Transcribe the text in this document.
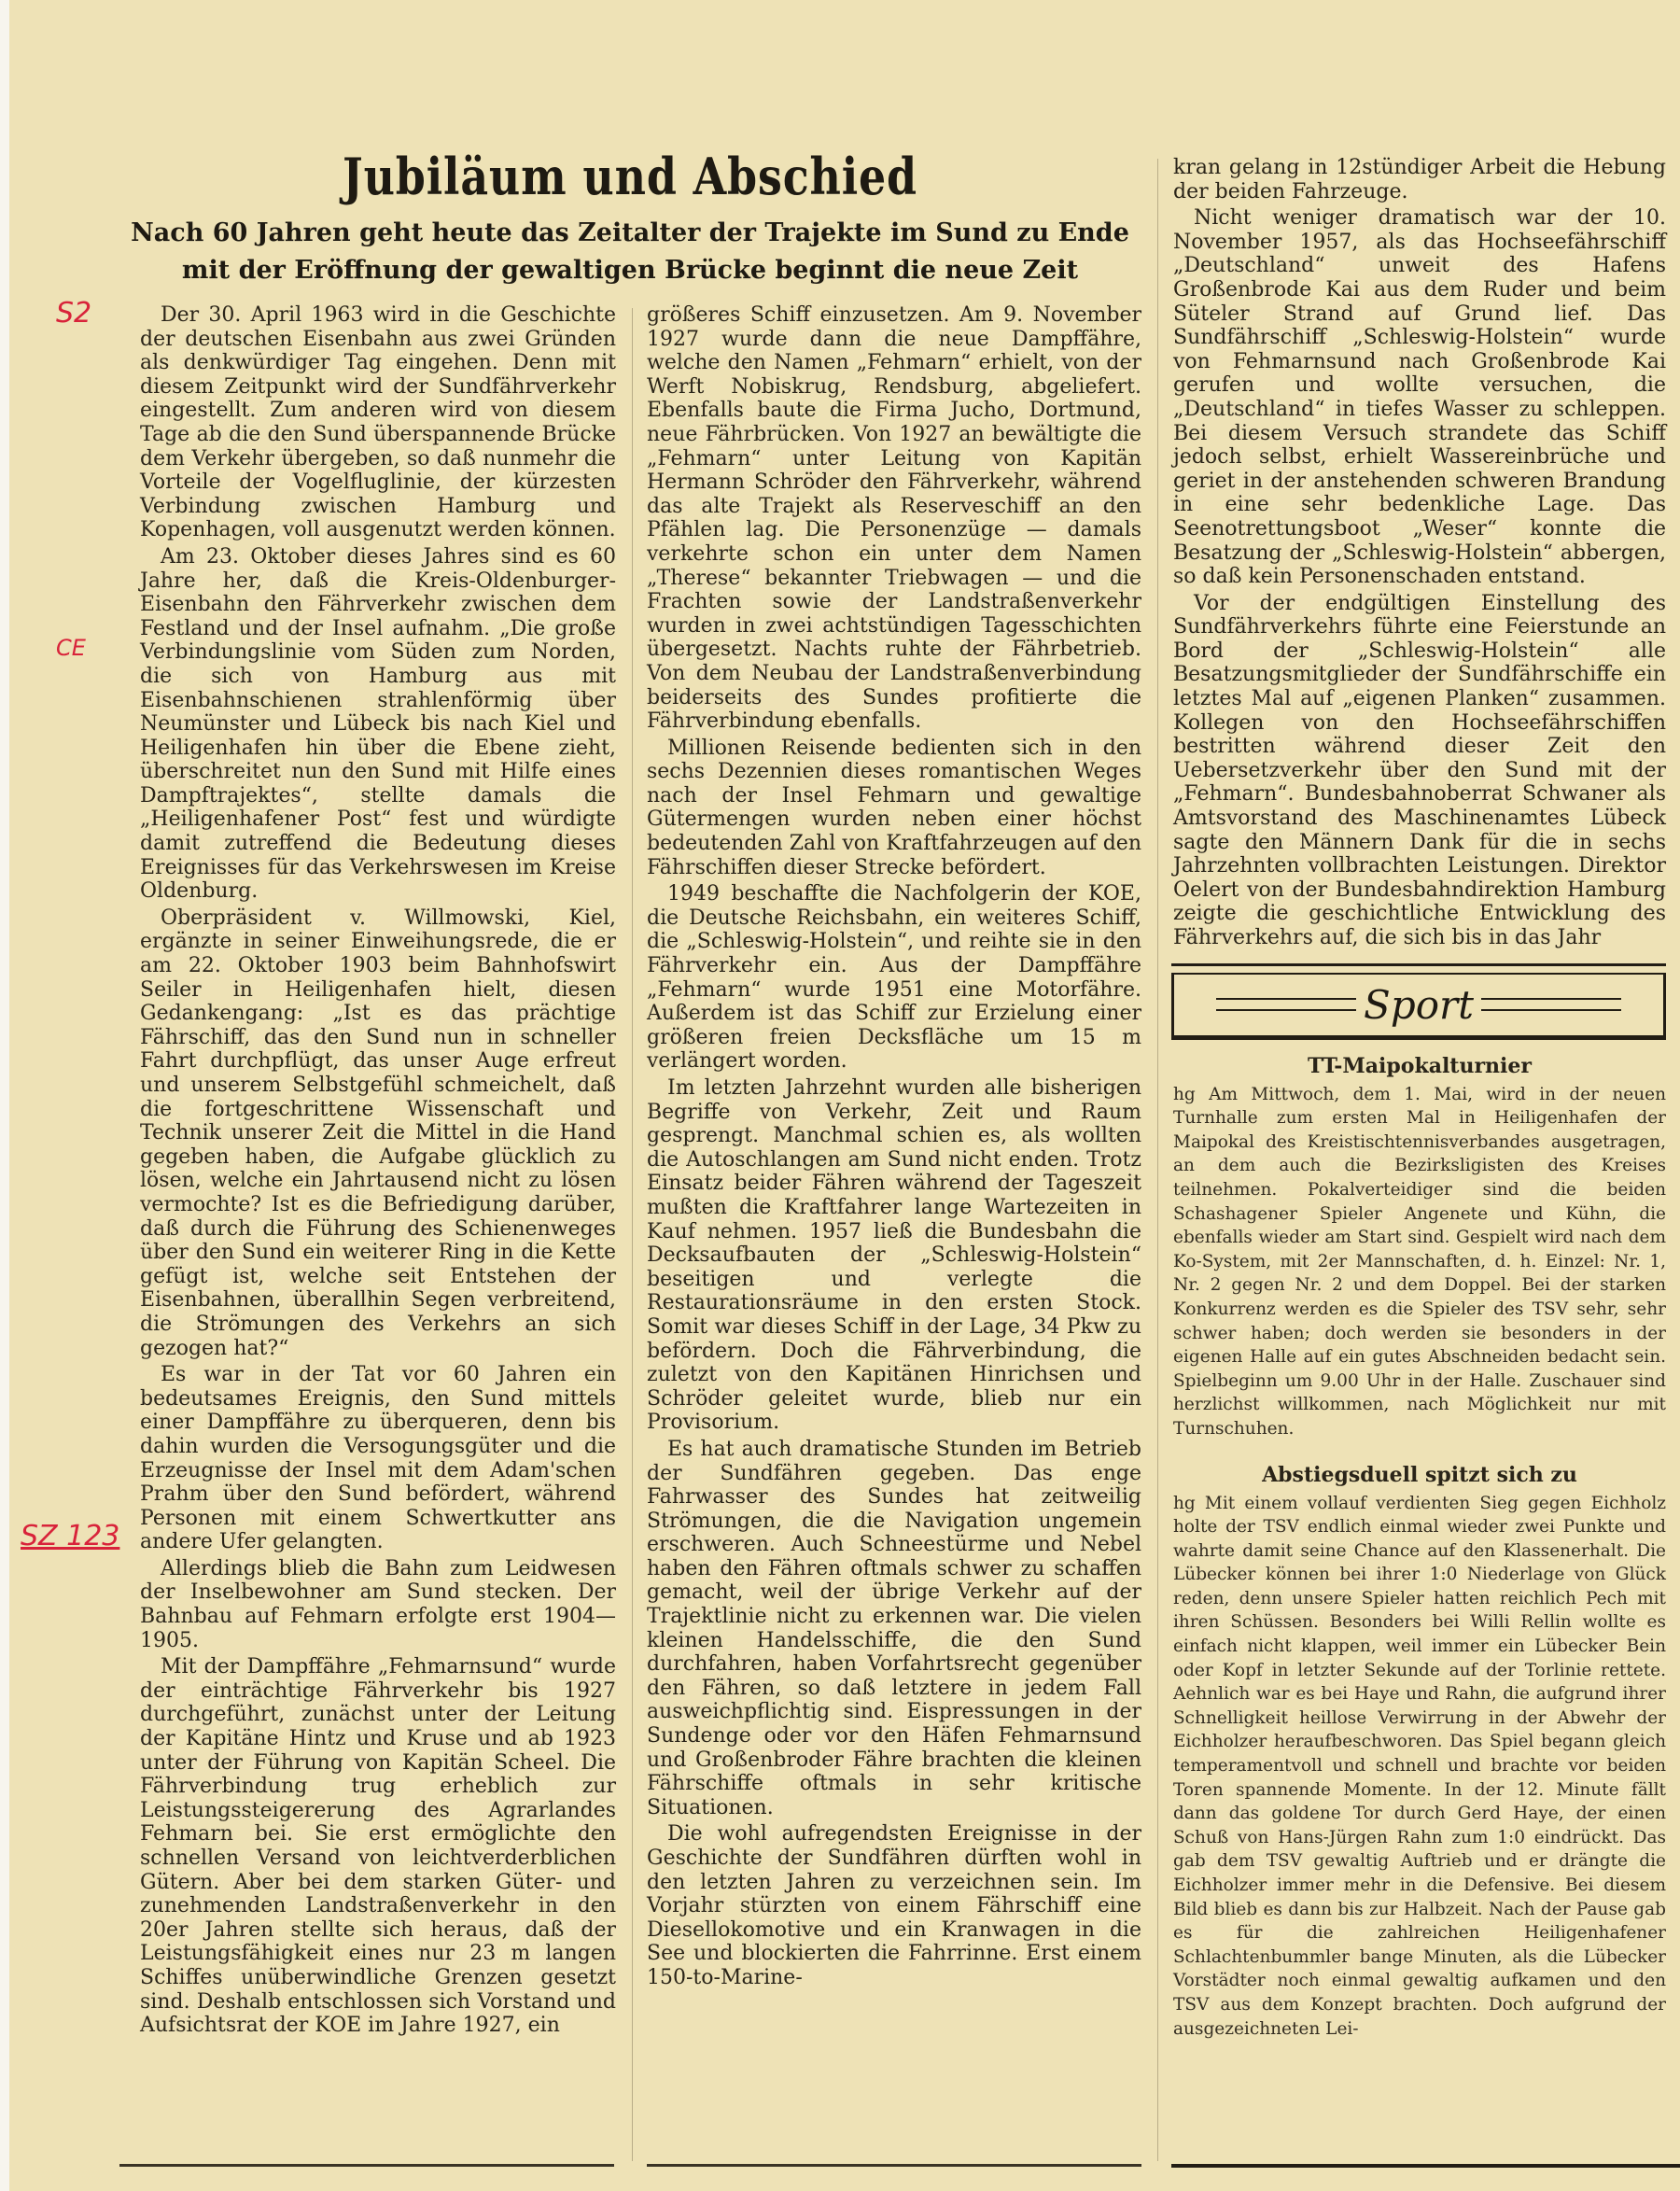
Jubiläum und Abschied
Nach 60 Jahren geht heute das Zeitalter der Trajekte im Sund zu Ende
mit der Eröffnung der gewaltigen Brücke beginnt die neue Zeit

Der 30. April 1963 wird in die Geschichte der deutschen Eisenbahn aus zwei Gründen als denkwürdiger Tag eingehen. Denn mit diesem Zeitpunkt wird der Sundfährverkehr eingestellt. Zum anderen wird von diesem Tage ab die den Sund überspannende Brücke dem Verkehr übergeben, so daß nunmehr die Vorteile der Vogelfluglinie, der kürzesten Verbindung zwischen Hamburg und Kopenhagen, voll ausgenutzt werden können.

Am 23. Oktober dieses Jahres sind es 60 Jahre her, daß die Kreis-Oldenburger-Eisenbahn den Fährverkehr zwischen dem Festland und der Insel aufnahm. „Die große Verbindungslinie vom Süden zum Norden, die sich von Hamburg aus mit Eisenbahnschienen strahlenförmig über Neumünster und Lübeck bis nach Kiel und Heiligenhafen hin über die Ebene zieht, überschreitet nun den Sund mit Hilfe eines Dampftrajektes“, stellte damals die „Heiligenhafener Post“ fest und würdigte damit zutreffend die Bedeutung dieses Ereignisses für das Verkehrswesen im Kreise Oldenburg.

Oberpräsident v. Willmowski, Kiel, ergänzte in seiner Einweihungsrede, die er am 22. Oktober 1903 beim Bahnhofswirt Seiler in Heiligenhafen hielt, diesen Gedankengang: „Ist es das prächtige Fährschiff, das den Sund nun in schneller Fahrt durchpflügt, das unser Auge erfreut und unserem Selbstgefühl schmeichelt, daß die fortgeschrittene Wissenschaft und Technik unserer Zeit die Mittel in die Hand gegeben haben, die Aufgabe glücklich zu lösen, welche ein Jahrtausend nicht zu lösen vermochte? Ist es die Befriedigung darüber, daß durch die Führung des Schienenweges über den Sund ein weiterer Ring in die Kette gefügt ist, welche seit Entstehen der Eisenbahnen, überallhin Segen verbreitend, die Strömungen des Verkehrs an sich gezogen hat?“

Es war in der Tat vor 60 Jahren ein bedeutsames Ereignis, den Sund mittels einer Dampffähre zu überqueren, denn bis dahin wurden die Versogungsgüter und die Erzeugnisse der Insel mit dem Adam'schen Prahm über den Sund befördert, während Personen mit einem Schwertkutter ans andere Ufer gelangten.

Allerdings blieb die Bahn zum Leidwesen der Inselbewohner am Sund stecken. Der Bahnbau auf Fehmarn erfolgte erst 1904—1905.

Mit der Dampffähre „Fehmarnsund“ wurde der einträchtige Fährverkehr bis 1927 durchgeführt, zunächst unter der Leitung der Kapitäne Hintz und Kruse und ab 1923 unter der Führung von Kapitän Scheel. Die Fährverbindung trug erheblich zur Leistungssteigererung des Agrarlandes Fehmarn bei. Sie erst ermöglichte den schnellen Versand von leichtverderblichen Gütern. Aber bei dem starken Güter- und zunehmenden Landstraßenverkehr in den 20er Jahren stellte sich heraus, daß der Leistungsfähigkeit eines nur 23 m langen Schiffes unüberwindliche Grenzen gesetzt sind. Deshalb entschlossen sich Vorstand und Aufsichtsrat der KOE im Jahre 1927, ein

größeres Schiff einzusetzen. Am 9. November 1927 wurde dann die neue Dampffähre, welche den Namen „Fehmarn“ erhielt, von der Werft Nobiskrug, Rendsburg, abgeliefert. Ebenfalls baute die Firma Jucho, Dortmund, neue Fährbrücken. Von 1927 an bewältigte die „Fehmarn“ unter Leitung von Kapitän Hermann Schröder den Fährverkehr, während das alte Trajekt als Reserveschiff an den Pfählen lag. Die Personenzüge — damals verkehrte schon ein unter dem Namen „Therese“ bekannter Triebwagen — und die Frachten sowie der Landstraßenverkehr wurden in zwei achtstündigen Tagesschichten übergesetzt. Nachts ruhte der Fährbetrieb. Von dem Neubau der Landstraßenverbindung beiderseits des Sundes profitierte die Fährverbindung ebenfalls.

Millionen Reisende bedienten sich in den sechs Dezennien dieses romantischen Weges nach der Insel Fehmarn und gewaltige Gütermengen wurden neben einer höchst bedeutenden Zahl von Kraftfahrzeugen auf den Fährschiffen dieser Strecke befördert.

1949 beschaffte die Nachfolgerin der KOE, die Deutsche Reichsbahn, ein weiteres Schiff, die „Schleswig-Holstein“, und reihte sie in den Fährverkehr ein. Aus der Dampffähre „Fehmarn“ wurde 1951 eine Motorfähre. Außerdem ist das Schiff zur Erzielung einer größeren freien Decksfläche um 15 m verlängert worden.

Im letzten Jahrzehnt wurden alle bisherigen Begriffe von Verkehr, Zeit und Raum gesprengt. Manchmal schien es, als wollten die Autoschlangen am Sund nicht enden. Trotz Einsatz beider Fähren während der Tageszeit mußten die Kraftfahrer lange Wartezeiten in Kauf nehmen. 1957 ließ die Bundesbahn die Decksaufbauten der „Schleswig-Holstein“ beseitigen und verlegte die Restaurationsräume in den ersten Stock. Somit war dieses Schiff in der Lage, 34 Pkw zu befördern. Doch die Fährverbindung, die zuletzt von den Kapitänen Hinrichsen und Schröder geleitet wurde, blieb nur ein Provisorium.

Es hat auch dramatische Stunden im Betrieb der Sundfähren gegeben. Das enge Fahrwasser des Sundes hat zeitweilig Strömungen, die die Navigation ungemein erschweren. Auch Schneestürme und Nebel haben den Fähren oftmals schwer zu schaffen gemacht, weil der übrige Verkehr auf der Trajektlinie nicht zu erkennen war. Die vielen kleinen Handelsschiffe, die den Sund durchfahren, haben Vorfahrtsrecht gegenüber den Fähren, so daß letztere in jedem Fall ausweichpflichtig sind. Eispressungen in der Sundenge oder vor den Häfen Fehmarnsund und Großenbroder Fähre brachten die kleinen Fährschiffe oftmals in sehr kritische Situationen.

Die wohl aufregendsten Ereignisse in der Geschichte der Sundfähren dürften wohl in den letzten Jahren zu verzeichnen sein. Im Vorjahr stürzten von einem Fährschiff eine Diesellokomotive und ein Kranwagen in die See und blockierten die Fahrrinne. Erst einem 150-to-Marine-

kran gelang in 12stündiger Arbeit die Hebung der beiden Fahrzeuge.

Nicht weniger dramatisch war der 10. November 1957, als das Hochseefährschiff „Deutschland“ unweit des Hafens Großenbrode Kai aus dem Ruder und beim Süteler Strand auf Grund lief. Das Sundfährschiff „Schleswig-Holstein“ wurde von Fehmarnsund nach Großenbrode Kai gerufen und wollte versuchen, die „Deutschland“ in tiefes Wasser zu schleppen. Bei diesem Versuch strandete das Schiff jedoch selbst, erhielt Wassereinbrüche und geriet in der anstehenden schweren Brandung in eine sehr bedenkliche Lage. Das Seenotrettungsboot „Weser“ konnte die Besatzung der „Schleswig-Holstein“ abbergen, so daß kein Personenschaden entstand.

Vor der endgültigen Einstellung des Sundfährverkehrs führte eine Feierstunde an Bord der „Schleswig-Holstein“ alle Besatzungsmitglieder der Sundfährschiffe ein letztes Mal auf „eigenen Planken“ zusammen. Kollegen von den Hochseefährschiffen bestritten während dieser Zeit den Uebersetzverkehr über den Sund mit der „Fehmarn“. Bundesbahnoberrat Schwaner als Amtsvorstand des Maschinenamtes Lübeck sagte den Männern Dank für die in sechs Jahrzehnten vollbrachten Leistungen. Direktor Oelert von der Bundesbahndirektion Hamburg zeigte die geschichtliche Entwicklung des Fährverkehrs auf, die sich bis in das Jahr

Sport
TT-Maipokalturnier

hg Am Mittwoch, dem 1. Mai, wird in der neuen Turnhalle zum ersten Mal in Heiligenhafen der Maipokal des Kreistischtennisverbandes ausgetragen, an dem auch die Bezirksligisten des Kreises teilnehmen. Pokalverteidiger sind die beiden Schashagener Spieler Angenete und Kühn, die ebenfalls wieder am Start sind. Gespielt wird nach dem Ko-System, mit 2er Mannschaften, d. h. Einzel: Nr. 1, Nr. 2 gegen Nr. 2 und dem Doppel. Bei der starken Konkurrenz werden es die Spieler des TSV sehr, sehr schwer haben; doch werden sie besonders in der eigenen Halle auf ein gutes Abschneiden bedacht sein. Spielbeginn um 9.00 Uhr in der Halle. Zuschauer sind herzlichst willkommen, nach Möglichkeit nur mit Turnschuhen.

Abstiegsduell spitzt sich zu

hg Mit einem vollauf verdienten Sieg gegen Eichholz holte der TSV endlich einmal wieder zwei Punkte und wahrte damit seine Chance auf den Klassenerhalt. Die Lübecker können bei ihrer 1:0 Niederlage von Glück reden, denn unsere Spieler hatten reichlich Pech mit ihren Schüssen. Besonders bei Willi Rellin wollte es einfach nicht klappen, weil immer ein Lübecker Bein oder Kopf in letzter Sekunde auf der Torlinie rettete. Aehnlich war es bei Haye und Rahn, die aufgrund ihrer Schnelligkeit heillose Verwirrung in der Abwehr der Eichholzer heraufbeschworen. Das Spiel begann gleich temperamentvoll und schnell und brachte vor beiden Toren spannende Momente. In der 12. Minute fällt dann das goldene Tor durch Gerd Haye, der einen Schuß von Hans-Jürgen Rahn zum 1:0 eindrückt. Das gab dem TSV gewaltig Auftrieb und er drängte die Eichholzer immer mehr in die Defensive. Bei diesem Bild blieb es dann bis zur Halbzeit. Nach der Pause gab es für die zahlreichen Heiligenhafener Schlachtenbummler bange Minuten, als die Lübecker Vorstädter noch einmal gewaltig aufkamen und den TSV aus dem Konzept brachten. Doch aufgrund der ausgezeichneten Lei-

S2
CE
SZ 123
